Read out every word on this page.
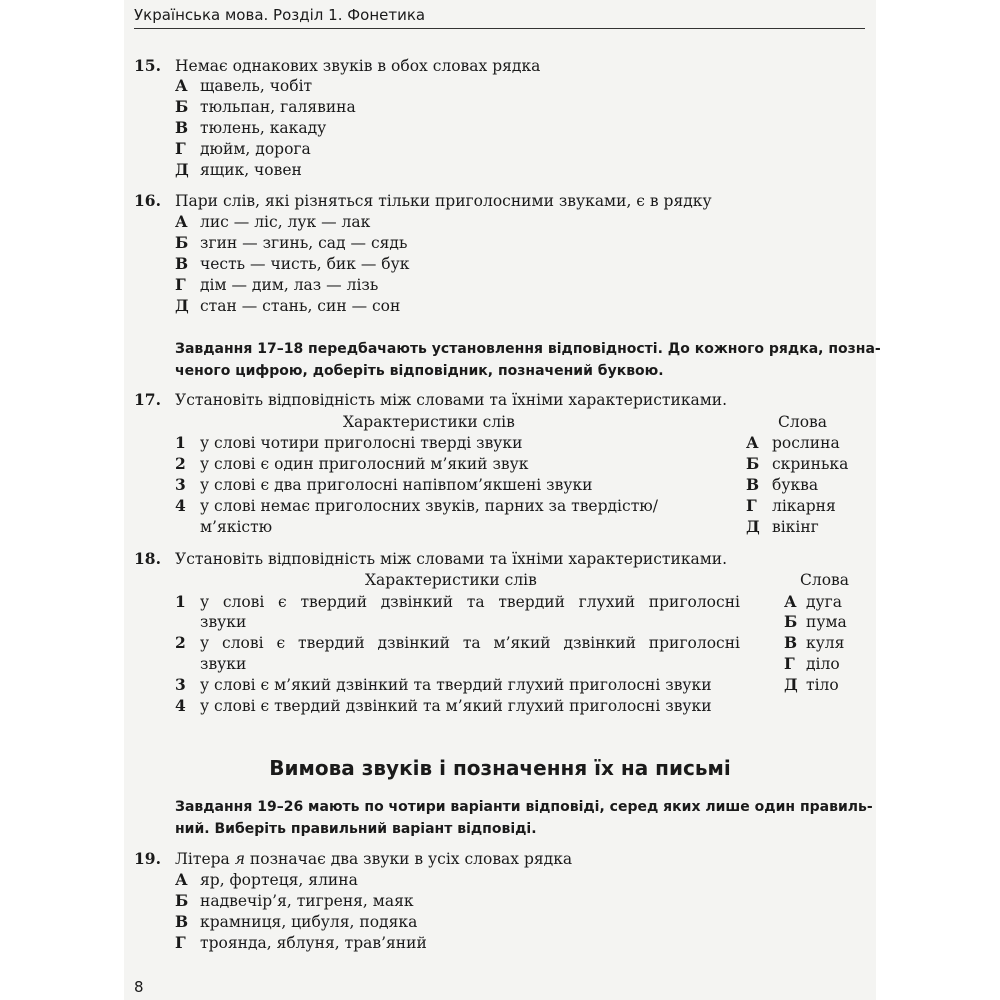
Українська мова. Розділ 1. Фонетика
15. Немає однакових звуків в обох словах рядка
А щавель, чобіт
Б тюльпан, галявина
В тюлень, какаду
Г дюйм, дорога
Д ящик, човен
16. Пари слів, які різняться тільки приголосними звуками, є в рядку
А лис — ліс, лук — лак
Б згин — згинь, сад — сядь
В честь — чисть, бик — бук
Г дім — дим, лаз — лізь
Д стан — стань, син — сон
Завдання 17–18 передбачають установлення відповідності. До кожного рядка, позна-
ченого цифрою, доберіть відповідник, позначений буквою.
17. Установіть відповідність між словами та їхніми характеристиками.
Характеристики слів	Слова
1 у слові чотири приголосні тверді звуки
2 у слові є один приголосний м’який звук
3 у слові є два приголосні напівпом’якшені звуки
4 у слові немає приголосних звуків, парних за твердістю/
м’якістю
А рослина
Б скринька
В буква
Г лікарня
Д вікінг
18. Установіть відповідність між словами та їхніми характеристиками.
Характеристики слів	Слова
1 у слові є твердий дзвінкий та твердий глухий приголосні
звуки
2 у слові є твердий дзвінкий та м’який дзвінкий приголосні
звуки
3 у слові є м’який дзвінкий та твердий глухий приголосні звуки
4 у слові є твердий дзвінкий та м’який глухий приголосні звуки
А дуга
Б пума
В куля
Г діло
Д тіло
Вимова звуків і позначення їх на письмі
Завдання 19–26 мають по чотири варіанти відповіді, серед яких лише один правиль-
ний. Виберіть правильний варіант відповіді.
19. Літера я позначає два звуки в усіх словах рядка
А яр, фортеця, ялина
Б надвечір’я, тигреня, маяк
В крамниця, цибуля, подяка
Г троянда, яблуня, трав’яний
8
